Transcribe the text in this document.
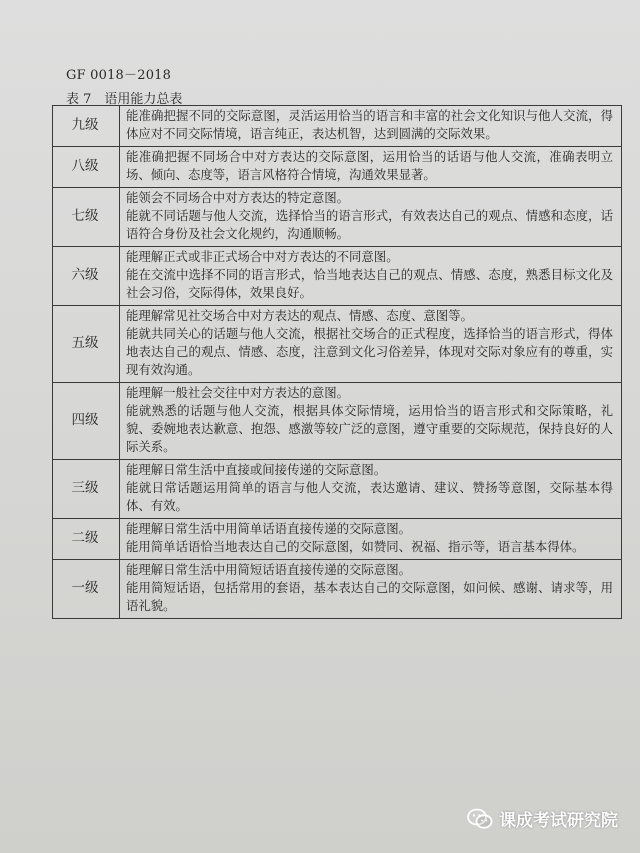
GF 0018－2018
表 7　语用能力总表
九级	能准确把握不同的交际意图，灵活运用恰当的语言和丰富的社会文化知识与他人交流，得体应对不同交际情境，语言纯正，表达机智，达到圆满的交际效果。

八级	能准确把握不同场合中对方表达的交际意图，运用恰当的话语与他人交流，准确表明立场、倾向、态度等，语言风格符合情境，沟通效果显著。

七级	能领会不同场合中对方表达的特定意图。
能就不同话题与他人交流，选择恰当的语言形式，有效表达自己的观点、情感和态度，话语符合身份及社会文化规约，沟通顺畅。

六级	能理解正式或非正式场合中对方表达的不同意图。
能在交流中选择不同的语言形式，恰当地表达自己的观点、情感、态度，熟悉目标文化及社会习俗，交际得体，效果良好。

五级	能理解常见社交场合中对方表达的观点、情感、态度、意图等。
能就共同关心的话题与他人交流，根据社交场合的正式程度，选择恰当的语言形式，得体地表达自己的观点、情感、态度，注意到文化习俗差异，体现对交际对象应有的尊重，实现有效沟通。

四级	能理解一般社会交往中对方表达的意图。
能就熟悉的话题与他人交流，根据具体交际情境，运用恰当的语言形式和交际策略，礼貌、委婉地表达歉意、抱怨、感激等较广泛的意图，遵守重要的交际规范，保持良好的人际关系。

三级	能理解日常生活中直接或间接传递的交际意图。
能就日常话题运用简单的语言与他人交流，表达邀请、建议、赞扬等意图，交际基本得体、有效。

二级	能理解日常生活中用简单话语直接传递的交际意图。
能用简单话语恰当地表达自己的交际意图，如赞同、祝福、指示等，语言基本得体。

一级	能理解日常生活中用简短话语直接传递的交际意图。
能用简短话语，包括常用的套语，基本表达自己的交际意图，如问候、感谢、请求等，用语礼貌。
课成考试研究院
